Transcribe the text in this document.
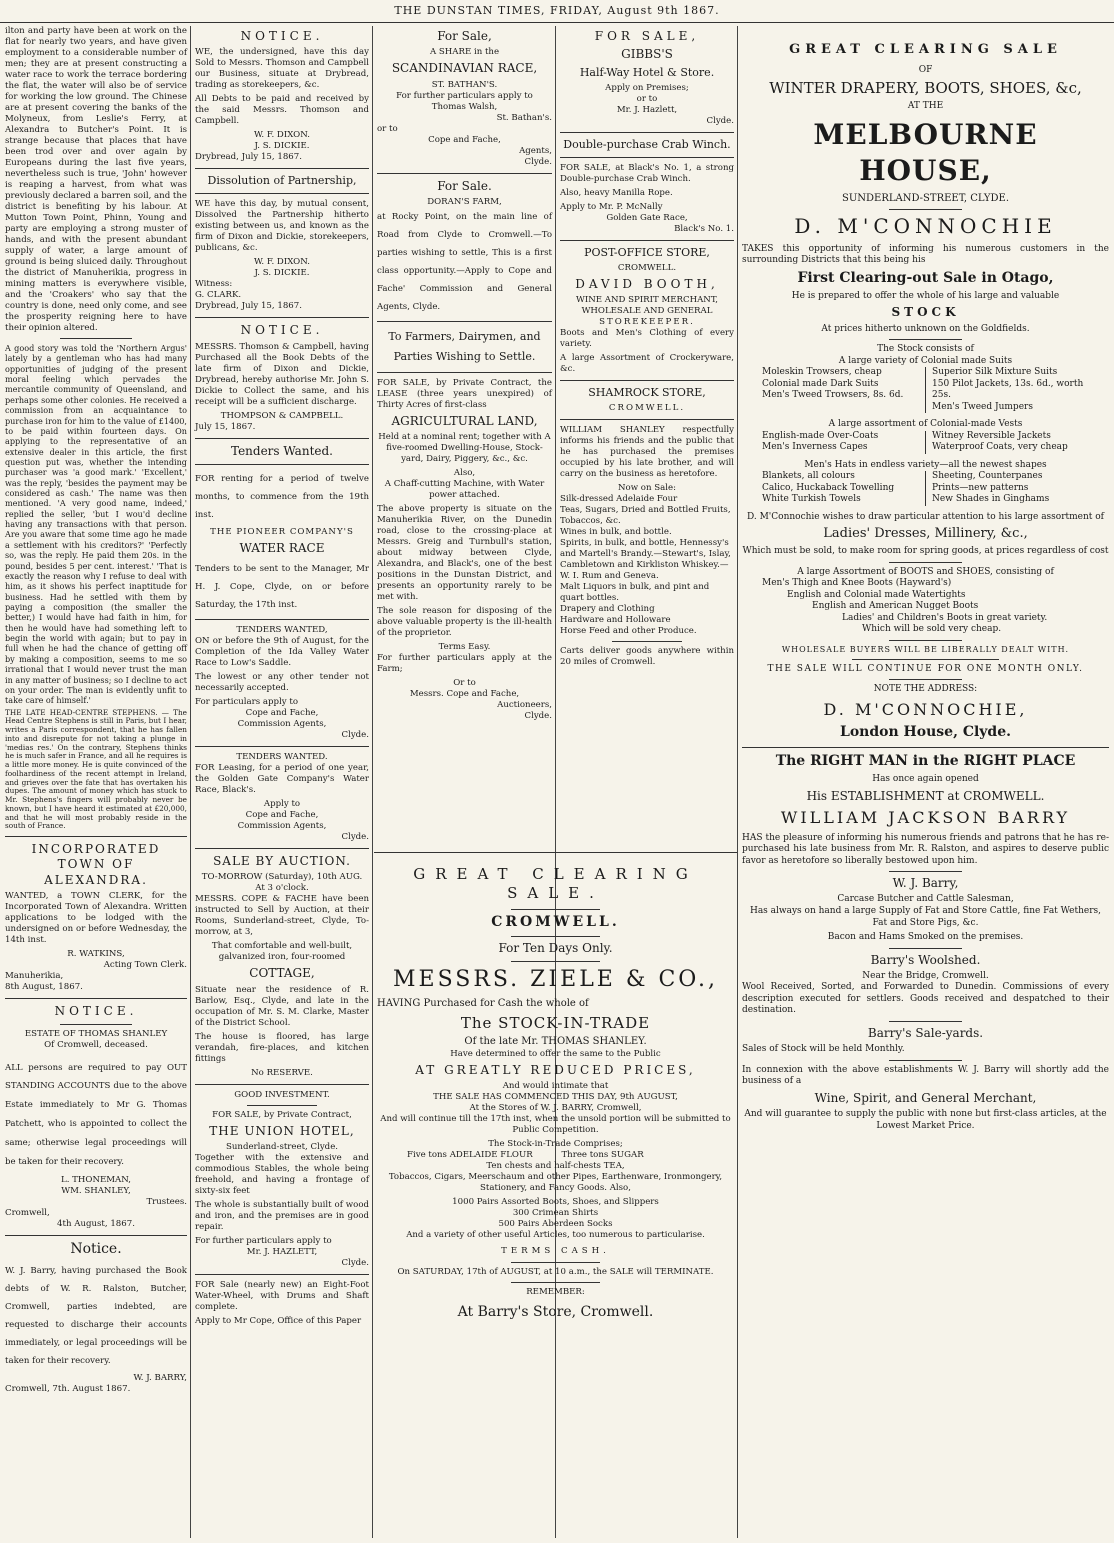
THE DUNSTAN TIMES, FRIDAY, August 9th 1867.

ilton and party have been at work on the flat for nearly two years, and have given employment to a considerable number of men; they are at present constructing a water race to work the terrace bordering the flat, the water will also be of service for working the low ground. The Chinese are at present covering the banks of the Molyneux, from Leslie's Ferry, at Alexandra to Butcher's Point. It is strange because that places that have been trod over and over again by Europeans during the last five years, nevertheless such is true, 'John' however is reaping a harvest, from what was previously declared a barren soil, and the district is benefiting by his labour. At Mutton Town Point, Phinn, Young and party are employing a strong muster of hands, and with the present abundant supply of water, a large amount of ground is being sluiced daily. Throughout the district of Manuherikia, progress in mining matters is everywhere visible, and the 'Croakers' who say that the country is done, need only come, and see the prosperity reigning here to have their opinion altered.

A good story was told the 'Northern Argus' lately by a gentleman who has had many opportunities of judging of the present moral feeling which pervades the mercantile community of Queensland, and perhaps some other colonies. He received a commission from an acquaintance to purchase iron for him to the value of £1400, to be paid within fourteen days. On applying to the representative of an extensive dealer in this article, the first question put was, whether the intending purchaser was 'a good mark.' 'Excellent,' was the reply, 'besides the payment may be considered as cash.' The name was then mentioned. 'A very good name, indeed,' replied the seller, 'but I wou'd decline having any transactions with that person. Are you aware that some time ago he made a settlement with his creditors?' 'Perfectly so, was the reply. He paid them 20s. in the pound, besides 5 per cent. interest.' 'That is exactly the reason why I refuse to deal with him, as it shows his perfect inaptitude for business. Had he settled with them by paying a composition (the smaller the better,) I would have had faith in him, for then he would have had something left to begin the world with again; but to pay in full when he had the chance of getting off by making a composition, seems to me so irrational that I would never trust the man in any matter of business; so I decline to act on your order. The man is evidently unfit to take care of himself.'

THE LATE HEAD-CENTRE STEPHENS. — The Head Centre Stephens is still in Paris, but I hear, writes a Paris correspondent, that he has fallen into and disrepute for not taking a plunge in 'medias res.' On the contrary, Stephens thinks he is much safer in France, and all he requires is a little more money. He is quite convinced of the foolhardiness of the recent attempt in Ireland, and grieves over the fate that has overtaken his dupes. The amount of money which has stuck to Mr. Stephens's fingers will probably never be known, but I have heard it estimated at £20,000, and that he will most probably reside in the south of France.

INCORPORATED TOWN OF ALEXANDRA.

WANTED, a TOWN CLERK, for the Incorporated Town of Alexandra. Written applications to be lodged with the undersigned on or before Wednesday, the 14th inst.

R. WATKINS,
Acting Town Clerk.
Manuherikia,
8th August, 1867.
NOTICE.
ESTATE OF THOMAS SHANLEY
Of Cromwell, deceased.

ALL persons are required to pay OUT STANDING ACCOUNTS due to the above Estate immediately to Mr G. Thomas Patchett, who is appointed to collect the same; otherwise legal proceedings will be taken for their recovery.

L. THONEMAN,
WM. SHANLEY,
Trustees.
Cromwell,
4th August, 1867.
Notice.

W. J. Barry, having purchased the Book debts of W. R. Ralston, Butcher, Cromwell, parties indebted, are requested to discharge their accounts immediately, or legal proceedings will be taken for their recovery.

W. J. BARRY,
Cromwell, 7th. August 1867.
NOTICE.

WE, the undersigned, have this day Sold to Messrs. Thomson and Campbell our Business, situate at Drybread, trading as storekeepers, &c.

All Debts to be paid and received by the said Messrs. Thomson and Campbell.

W. F. DIXON.
J. S. DICKIE.
Drybread, July 15, 1867.
Dissolution of Partnership,

WE have this day, by mutual consent, Dissolved the Partnership hitherto existing between us, and known as the firm of Dixon and Dickie, storekeepers, publicans, &c.

W. F. DIXON.
J. S. DICKIE.
Witness:
G. CLARK.
Drybread, July 15, 1867.
NOTICE.

MESSRS. Thomson & Campbell, having Purchased all the Book Debts of the late firm of Dixon and Dickie, Drybread, hereby authorise Mr. John S. Dickie to Collect the same, and his receipt will be a sufficient discharge.

THOMPSON & CAMPBELL.
July 15, 1867.
Tenders Wanted.

FOR renting for a period of twelve months, to commence from the 19th inst.

THE PIONEER COMPANY'S
WATER RACE

Tenders to be sent to the Manager, Mr H. J. Cope, Clyde, on or before Saturday, the 17th inst.

TENDERS WANTED,

ON or before the 9th of August, for the Completion of the Ida Valley Water Race to Low's Saddle.

The lowest or any other tender not necessarily accepted.

For particulars apply to
Cope and Fache,
Commission Agents,
Clyde.
TENDERS WANTED.

FOR Leasing, for a period of one year, the Golden Gate Company's Water Race, Black's.

Apply to
Cope and Fache,
Commission Agents,
Clyde.
SALE BY AUCTION.
TO-MORROW (Saturday), 10th AUG.
At 3 o'clock.

MESSRS. COPE & FACHE have been instructed to Sell by Auction, at their Rooms, Sunderland-street, Clyde, To-morrow, at 3,

That comfortable and well-built, galvanized iron, four-roomed

COTTAGE,

Situate near the residence of R. Barlow, Esq., Clyde, and late in the occupation of Mr. S. M. Clarke, Master of the District School.

The house is floored, has large verandah, fire-places, and kitchen fittings

No RESERVE.
GOOD INVESTMENT.
FOR SALE, by Private Contract,
THE UNION HOTEL,
Sunderland-street, Clyde.

Together with the extensive and commodious Stables, the whole being freehold, and having a frontage of sixty-six feet

The whole is substantially built of wood and iron, and the premises are in good repair.

For further particulars apply to
Mr. J. HAZLETT,
Clyde.

FOR Sale (nearly new) an Eight-Foot Water-Wheel, with Drums and Shaft complete.

Apply to Mr Cope, Office of this Paper
For Sale,
A SHARE in the
SCANDINAVIAN RACE,
ST. BATHAN'S.
For further particulars apply to
Thomas Walsh,
St. Bathan's.
or to
Cope and Fache,
Agents,
Clyde.
For Sale.
DORAN'S FARM,

at Rocky Point, on the main line of Road from Clyde to Cromwell.—To parties wishing to settle, This is a first class opportunity.—Apply to Cope and Fache' Commission and General Agents, Clyde.

To Farmers, Dairymen, and Parties Wishing to Settle.

FOR SALE, by Private Contract, the LEASE (three years unexpired) of Thirty Acres of first-class

AGRICULTURAL LAND,

Held at a nominal rent; together with A five-roomed Dwelling-House, Stock-yard, Dairy, Piggery, &c., &c.

Also,

A Chaff-cutting Machine, with Water power attached.

The above property is situate on the Manuherikia River, on the Dunedin road, close to the crossing-place at Messrs. Greig and Turnbull's station, about midway between Clyde, Alexandra, and Black's, one of the best positions in the Dunstan District, and presents an opportunity rarely to be met with.

The sole reason for disposing of the above valuable property is the ill-health of the proprietor.

Terms Easy.

For further particulars apply at the Farm;

Or to
Messrs. Cope and Fache,
Auctioneers,
Clyde.
FOR SALE,
GIBBS'S
Half-Way Hotel & Store.
Apply on Premises;
or to
Mr. J. Hazlett,
Clyde.
Double-purchase Crab Winch.

FOR SALE, at Black's No. 1, a strong Double-purchase Crab Winch.

Also, heavy Manilla Rope.

Apply to Mr. P. McNally
Golden Gate Race,
Black's No. 1.
POST-OFFICE STORE,
CROMWELL.
DAVID BOOTH,
WINE AND SPIRIT MERCHANT,
WHOLESALE AND GENERAL
STOREKEEPER.

Boots and Men's Clothing of every variety.

A large Assortment of Crockeryware, &c.

SHAMROCK STORE,
CROMWELL.

WILLIAM SHANLEY respectfully informs his friends and the public that he has purchased the premises occupied by his late brother, and will carry on the business as heretofore.

Now on Sale:
Silk-dressed Adelaide Four
Teas, Sugars, Dried and Bottled Fruits, Tobaccos, &c.
Wines in bulk, and bottle.
Spirits, in bulk, and bottle, Hennessy's and Martell's Brandy.—Stewart's, Islay, Cambletown and Kirkliston Whiskey.—W. I. Rum and Geneva.
Malt Liquors in bulk, and pint and quart bottles.
Drapery and Clothing
Hardware and Holloware
Horse Feed and other Produce.

Carts deliver goods anywhere within 20 miles of Cromwell.

GREAT CLEARING SALE.
CROMWELL.
For Ten Days Only.
MESSRS. ZIELE & CO.,
HAVING Purchased for Cash the whole of
The STOCK-IN-TRADE
Of the late Mr. THOMAS SHANLEY.
Have determined to offer the same to the Public
AT GREATLY REDUCED PRICES,
And would intimate that
THE SALE HAS COMMENCED THIS DAY, 9th AUGUST,
At the Stores of W. J. BARRY, Cromwell,

And will continue till the 17th inst, when the unsold portion will be submitted to Public Competition.

The Stock-in-Trade Comprises;
Five tons ADELAIDE FLOUR	Three tons SUGAR
Ten chests and half-chests TEA,

Tobaccos, Cigars, Meerschaum and other Pipes, Earthenware, Ironmongery, Stationery, and Fancy Goods. Also,

1000 Pairs Assorted Boots, Shoes, and Slippers
300 Crimean Shirts
500 Pairs Aberdeen Socks
And a variety of other useful Articles, too numerous to particularise.
TERMS CASH.
On SATURDAY, 17th of AUGUST, at 10 a.m., the SALE will TERMINATE.
REMEMBER:
At Barry's Store, Cromwell.
GREAT CLEARING SALE
OF
WINTER DRAPERY, BOOTS, SHOES, &c,
AT THE
MELBOURNE HOUSE,
SUNDERLAND-STREET, CLYDE.
D. M'CONNOCHIE

TAKES this opportunity of informing his numerous customers in the surrounding Districts that this being his

First Clearing-out Sale in Otago,
He is prepared to offer the whole of his large and valuable
STOCK
At prices hitherto unknown on the Goldfields.
The Stock consists of
A large variety of Colonial made Suits
Moleskin Trowsers, cheap
Colonial made Dark Suits
Men's Tweed Trowsers, 8s. 6d.
Superior Silk Mixture Suits
150 Pilot Jackets, 13s. 6d., worth 25s.
Men's Tweed Jumpers
A large assortment of Colonial-made Vests
English-made Over-Coats
Men's Inverness Capes
Witney Reversible Jackets
Waterproof Coats, very cheap
Men's Hats in endless variety—all the newest shapes
Blankets, all colours
Calico, Huckaback Towelling
White Turkish Towels
Sheeting, Counterpanes
Prints—new patterns
New Shades in Ginghams
D. M'Connochie wishes to draw particular attention to his large assortment of
Ladies' Dresses, Millinery, &c.,
Which must be sold, to make room for spring goods, at prices regardless of cost
A large Assortment of BOOTS and SHOES, consisting of
Men's Thigh and Knee Boots (Hayward's)
English and Colonial made Watertights
English and American Nugget Boots
Ladies' and Children's Boots in great variety.
Which will be sold very cheap.
WHOLESALE BUYERS WILL BE LIBERALLY DEALT WITH.
THE SALE WILL CONTINUE FOR ONE MONTH ONLY.
NOTE THE ADDRESS:
D. M'CONNOCHIE,
London House, Clyde.
The RIGHT MAN in the RIGHT PLACE
Has once again opened
His ESTABLISHMENT at CROMWELL.
WILLIAM JACKSON BARRY

HAS the pleasure of informing his numerous friends and patrons that he has re-purchased his late business from Mr. R. Ralston, and aspires to deserve public favor as heretofore so liberally bestowed upon him.

W. J. Barry,
Carcase Butcher and Cattle Salesman,

Has always on hand a large Supply of Fat and Store Cattle, fine Fat Wethers, Fat and Store Pigs, &c.

Bacon and Hams Smoked on the premises.
Barry's Woolshed.
Near the Bridge, Cromwell.

Wool Received, Sorted, and Forwarded to Dunedin. Commissions of every description executed for settlers. Goods received and despatched to their destination.

Barry's Sale-yards.
Sales of Stock will be held Monthly.

In connexion with the above establishments W. J. Barry will shortly add the business of a

Wine, Spirit, and General Merchant,

And will guarantee to supply the public with none but first-class articles, at the Lowest Market Price.
